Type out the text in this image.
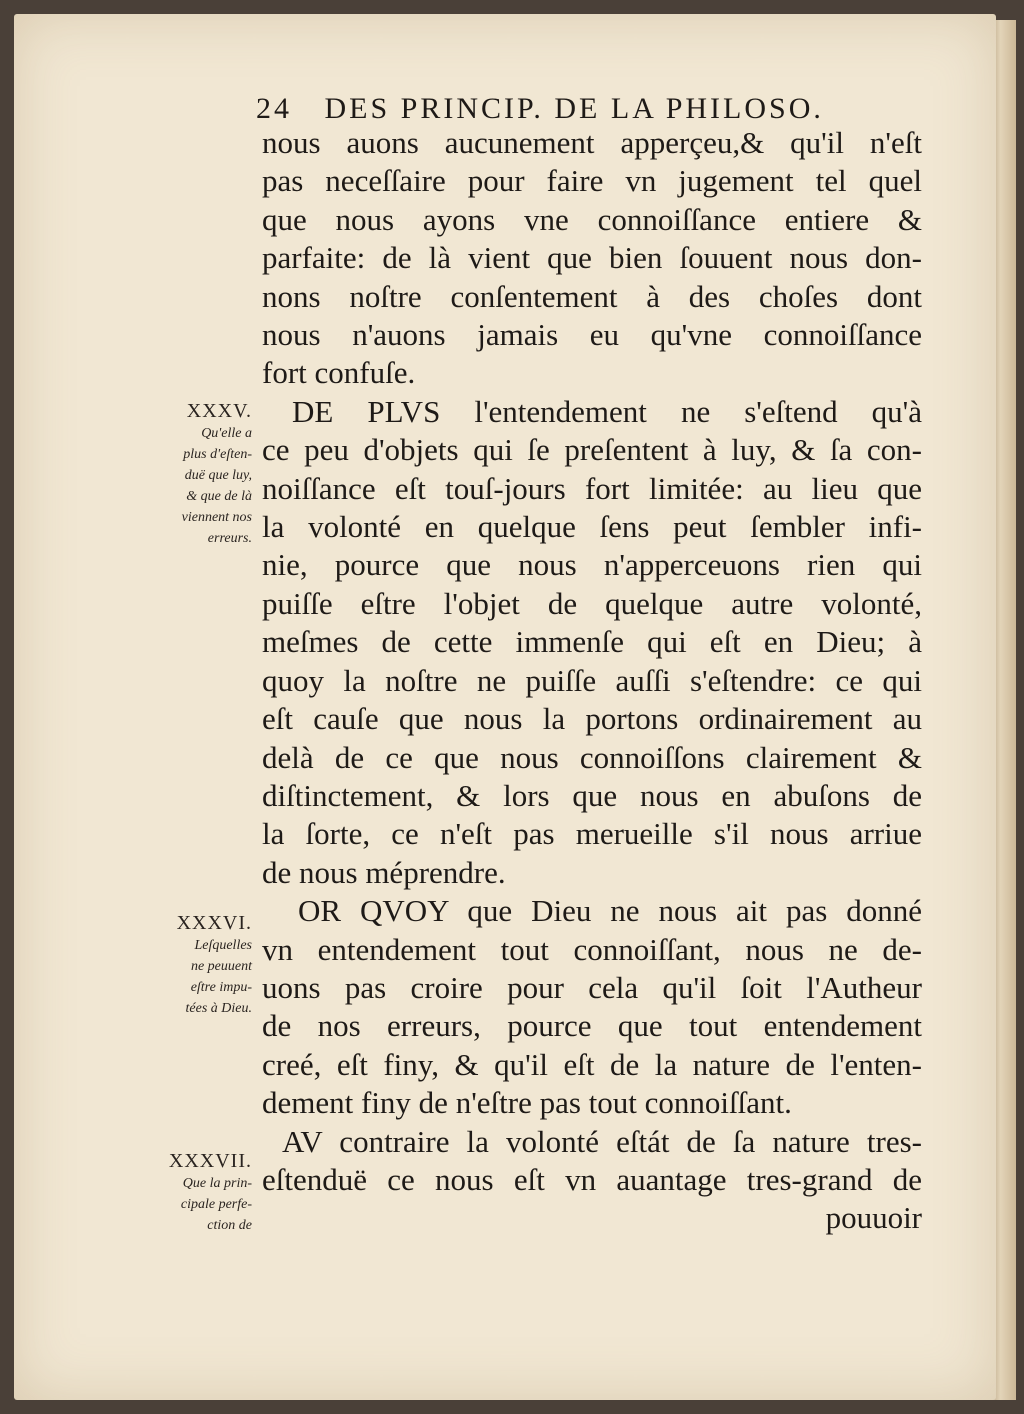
24 DES PRINCIP. DE LA PHILOSO.
nous auons aucunement apperçeu,& qu'il n'eſt
pas neceſſaire pour faire vn jugement tel quel
que nous ayons vne connoiſſance entiere &
parfaite: de là vient que bien ſouuent nous don-
nons noſtre conſentement à des choſes dont
nous n'auons jamais eu qu'vne connoiſſance
fort confuſe.
DE PLVS l'entendement ne s'eſtend qu'à
ce peu d'objets qui ſe preſentent à luy, & ſa con-
noiſſance eſt touſ-jours fort limitée: au lieu que
la volonté en quelque ſens peut ſembler infi-
nie, pource que nous n'apperceuons rien qui
puiſſe eſtre l'objet de quelque autre volonté,
meſmes de cette immenſe qui eſt en Dieu; à
quoy la noſtre ne puiſſe auſſi s'eſtendre: ce qui
eſt cauſe que nous la portons ordinairement au
delà de ce que nous connoiſſons clairement &
diſtinctement, & lors que nous en abuſons de
la ſorte, ce n'eſt pas merueille s'il nous arriue
de nous méprendre.
OR QVOY que Dieu ne nous ait pas donné
vn entendement tout connoiſſant, nous ne de-
uons pas croire pour cela qu'il ſoit l'Autheur
de nos erreurs, pource que tout entendement
creé, eſt finy, & qu'il eſt de la nature de l'enten-
dement finy de n'eſtre pas tout connoiſſant.
AV contraire la volonté eſtát de ſa nature tres-
eſtenduë ce nous eſt vn auantage tres-grand de
pouuoir
XXXV.
Qu'elle a
plus d'eſten-
duë que luy,
& que de là
viennent nos
erreurs.
XXXVI.
Leſquelles
ne peuuent
eſtre impu-
tées à Dieu.
XXXVII.
Que la prin-
cipale perfe-
ction de
